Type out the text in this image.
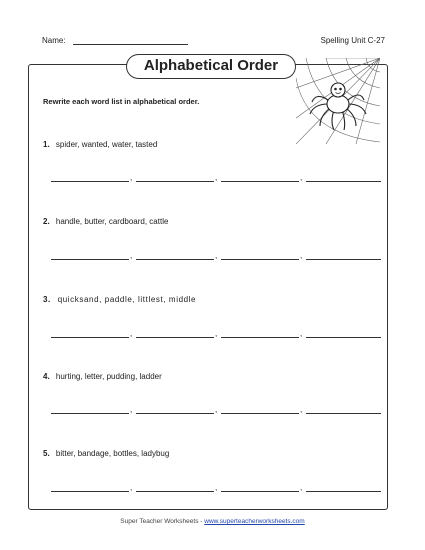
Name:	Spelling Unit C-27
Alphabetical Order
Rewrite each word list in alphabetical order.
1. spider, wanted, water, tasted
,	,	,
2. handle, butter, cardboard, cattle
,	,	,
3. quicksand, paddle, littlest, middle
,	,	,
4. hurting, letter, pudding, ladder
,	,	,
5. bitter, bandage, bottles, ladybug
,	,	,
Super Teacher Worksheets - www.superteacherworksheets.com
